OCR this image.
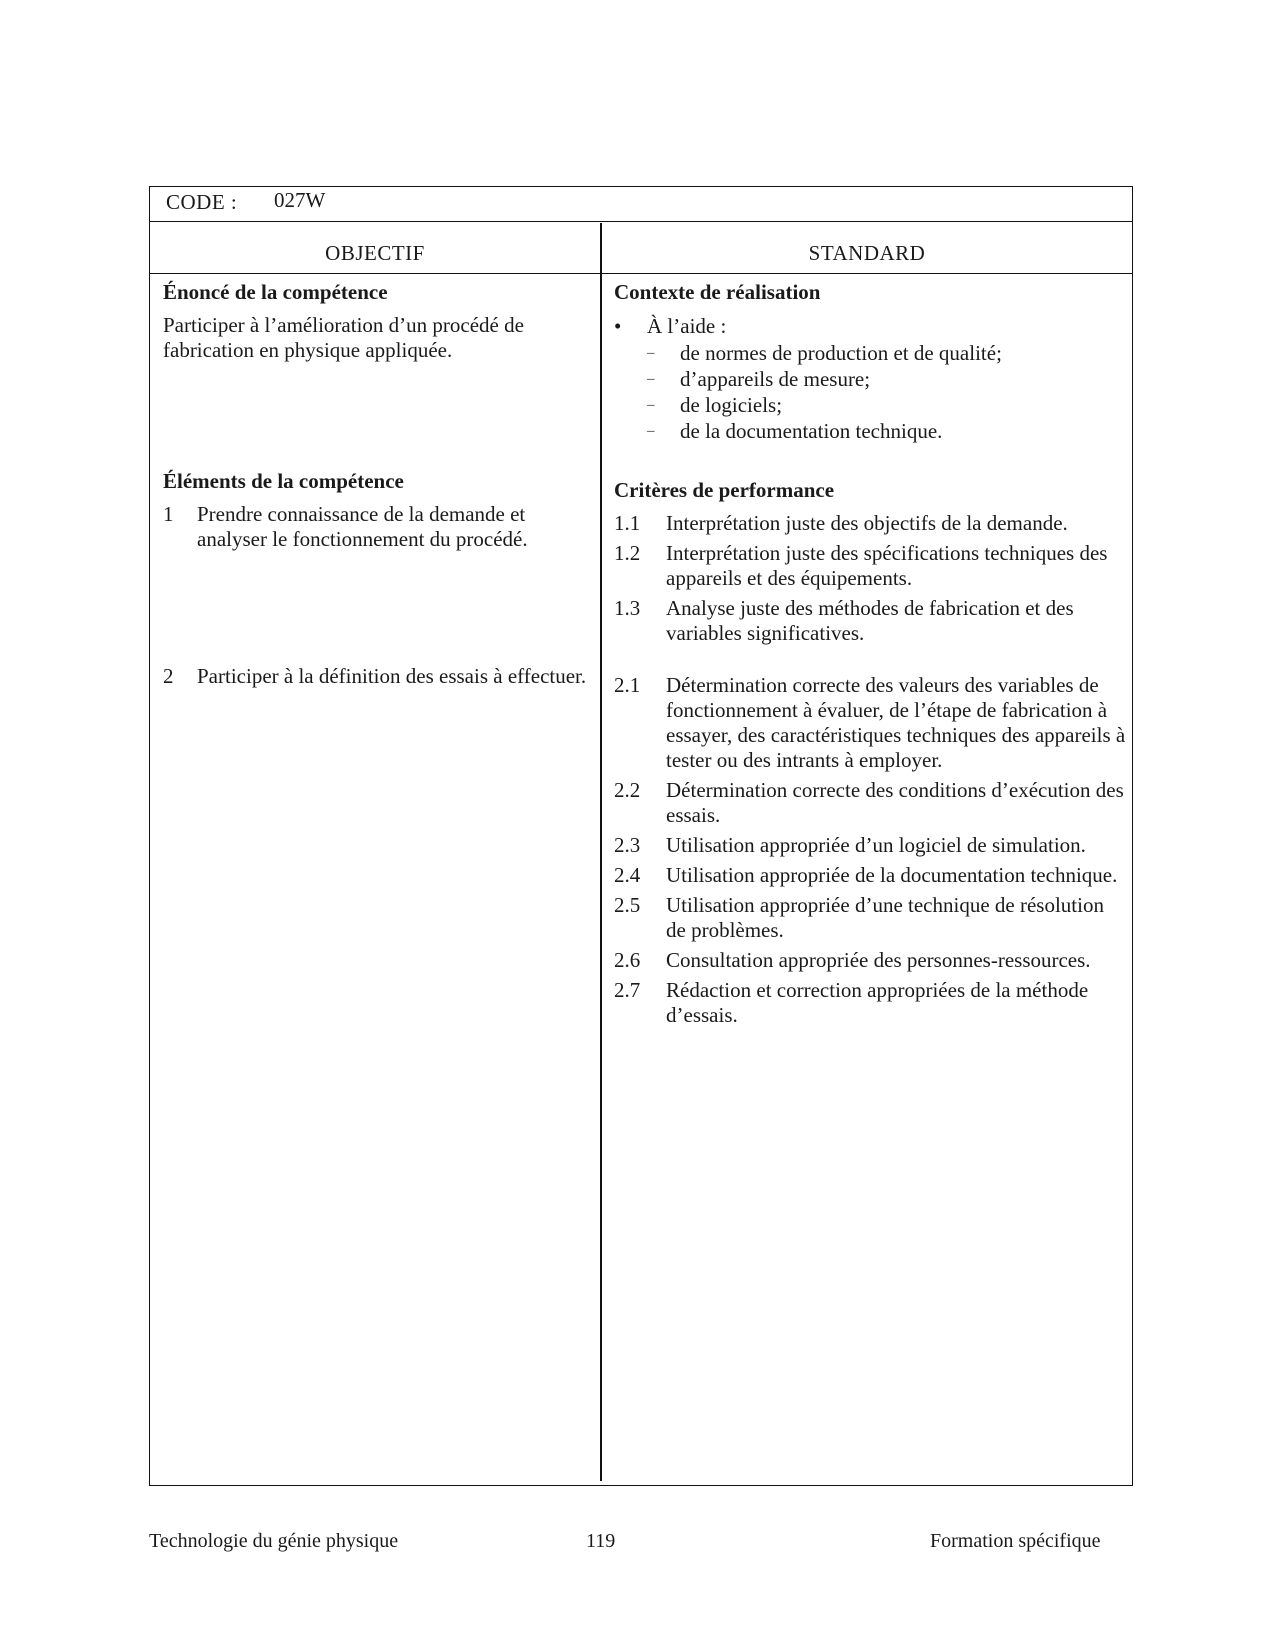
CODE : 027W
OBJECTIF	STANDARD
Énoncé de la compétence
Participer à l’amélioration d’un procédé de fabrication en physique appliquée.
Éléments de la compétence
1	Prendre connaissance de la demande et analyser le fonctionnement du procédé.
2	Participer à la définition des essais à effectuer.
Contexte de réalisation
•	À l’aide :
–	de normes de production et de qualité;
–	d’appareils de mesure;
–	de logiciels;
–	de la documentation technique.
Critères de performance
1.1	Interprétation juste des objectifs de la demande.
1.2	Interprétation juste des spécifications techniques des appareils et des équipements.
1.3	Analyse juste des méthodes de fabrication et des variables significatives.
2.1	Détermination correcte des valeurs des variables de fonctionnement à évaluer, de l’étape de fabrication à essayer, des caractéristiques techniques des appareils à tester ou des intrants à employer.
2.2	Détermination correcte des conditions d’exécution des essais.
2.3	Utilisation appropriée d’un logiciel de simulation.
2.4	Utilisation appropriée de la documentation technique.
2.5	Utilisation appropriée d’une technique de résolution de problèmes.
2.6	Consultation appropriée des personnes-ressources.
2.7	Rédaction et correction appropriées de la méthode d’essais.
Technologie du génie physique	119	Formation spécifique
